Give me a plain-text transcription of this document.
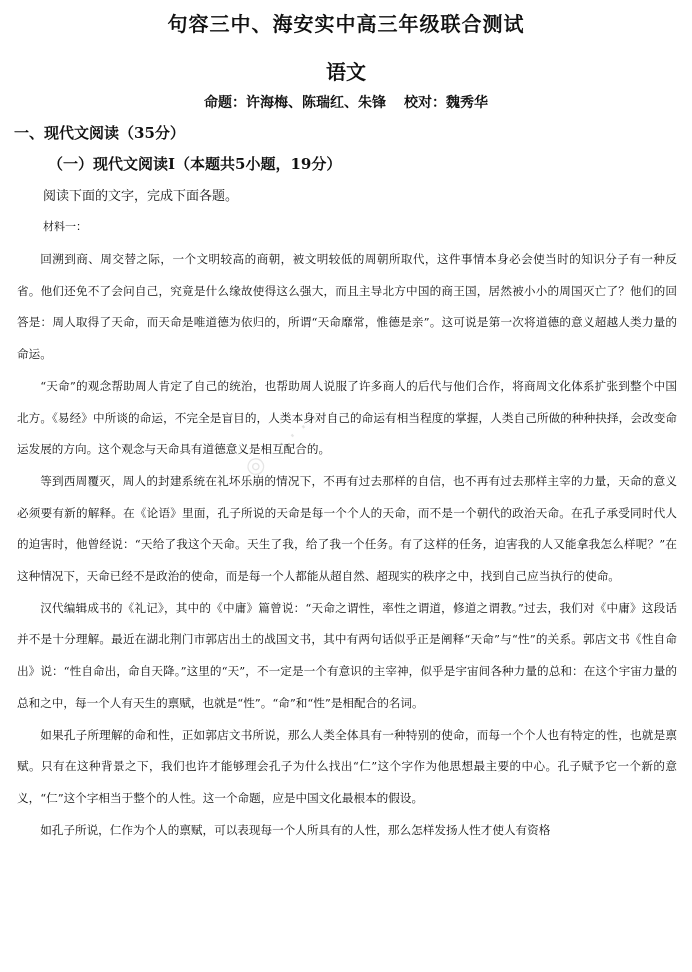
句容三中、海安实中高三年级联合测试
语文
命题：许海梅、陈瑞红、朱锋 校对：魏秀华
一、现代文阅读（35分）
（一）现代文阅读Ⅰ（本题共5小题，19分）
阅读下面的文字，完成下面各题。
材料一：

回溯到商、周交替之际，一个文明较高的商朝，被文明较低的周朝所取代，这件事情本身必会使当时的知识分子有一种反省。他们还免不了会问自己，究竟是什么缘故使得这么强大，而且主导北方中国的商王国，居然被小小的周国灭亡了？他们的回答是：周人取得了天命，而天命是唯道德为依归的，所谓“天命靡常，惟德是亲”。这可说是第一次将道德的意义超越人类力量的命运。

“天命”的观念帮助周人肯定了自己的统治，也帮助周人说服了许多商人的后代与他们合作，将商周文化体系扩张到整个中国北方。《易经》中所谈的命运，不完全是盲目的，人类本身对自己的命运有相当程度的掌握，人类自己所做的种种抉择，会改变命运发展的方向。这个观念与天命具有道德意义是相互配合的。

等到西周覆灭，周人的封建系统在礼坏乐崩的情况下，不再有过去那样的自信，也不再有过去那样主宰的力量，天命的意义必须要有新的解释。在《论语》里面，孔子所说的天命是每一个个人的天命，而不是一个朝代的政治天命。在孔子承受同时代人的迫害时，他曾经说：“天给了我这个天命。天生了我，给了我一个任务。有了这样的任务，迫害我的人又能拿我怎么样呢？”在这种情况下，天命已经不是政治的使命，而是每一个人都能从超自然、超现实的秩序之中，找到自己应当执行的使命。

汉代编辑成书的《礼记》，其中的《中庸》篇曾说：“天命之谓性，率性之谓道，修道之谓教。”过去，我们对《中庸》这段话并不是十分理解。最近在湖北荆门市郭店出土的战国文书，其中有两句话似乎正是阐释“天命”与“性”的关系。郭店文书《性自命出》说：“性自命出，命自天降。”这里的“天”，不一定是一个有意识的主宰神，似乎是宇宙间各种力量的总和：在这个宇宙力量的总和之中，每一个人有天生的禀赋，也就是“性”。“命”和“性”是相配合的名词。

如果孔子所理解的命和性，正如郭店文书所说，那么人类全体具有一种特别的使命，而每一个个人也有特定的性，也就是禀赋。只有在这种背景之下，我们也许才能够理会孔子为什么找出“仁”这个字作为他思想最主要的中心。孔子赋予它一个新的意义，“仁”这个字相当于整个的人性。这一个命题，应是中国文化最根本的假设。

如孔子所说，仁作为个人的禀赋，可以表现每一个人所具有的人性，那么怎样发扬人性才使人有资格

◎ · · · · ·
